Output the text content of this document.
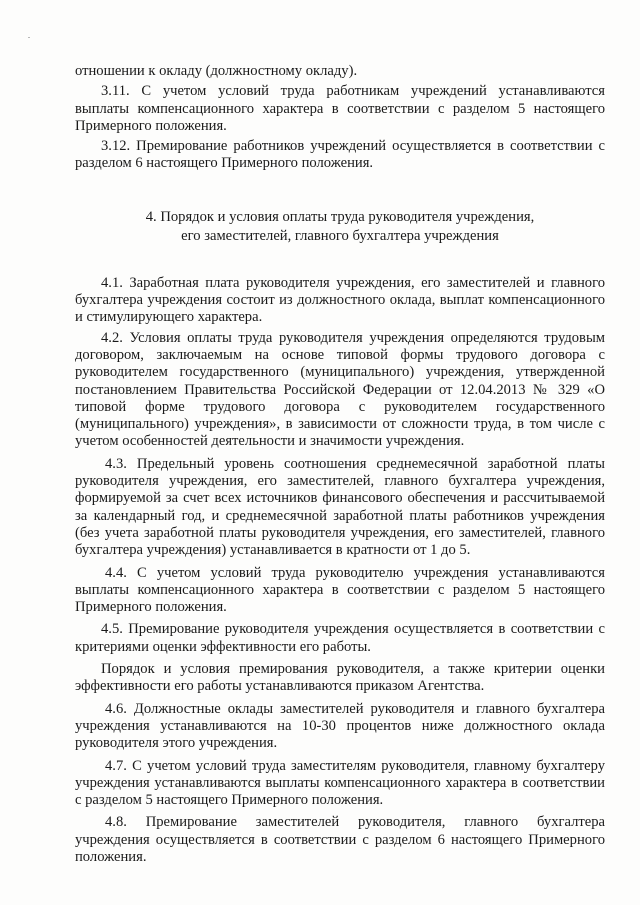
отношении к окладу (должностному окладу).

3.11. С учетом условий труда работникам учреждений устанавливаются выплаты компенсационного характера в соответствии с разделом 5 настоящего Примерного положения.

3.12. Премирование работников учреждений осуществляется в соответствии с разделом 6 настоящего Примерного положения.

4. Порядок и условия оплаты труда руководителя учреждения,
его заместителей, главного бухгалтера учреждения

4.1. Заработная плата руководителя учреждения, его заместителей и главного бухгалтера учреждения состоит из должностного оклада, выплат компенсационного и стимулирующего характера.

4.2. Условия оплаты труда руководителя учреждения определяются трудовым договором, заключаемым на основе типовой формы трудового договора с руководителем государственного (муниципального) учреждения, утвержденной постановлением Правительства Российской Федерации от 12.04.2013 № 329 «О типовой форме трудового договора с руководителем государственного (муниципального) учреждения», в зависимости от сложности труда, в том числе с учетом особенностей деятельности и значимости учреждения.

4.3. Предельный уровень соотношения среднемесячной заработной платы руководителя учреждения, его заместителей, главного бухгалтера учреждения, формируемой за счет всех источников финансового обеспечения и рассчитываемой за календарный год, и среднемесячной заработной платы работников учреждения (без учета заработной платы руководителя учреждения, его заместителей, главного бухгалтера учреждения) устанавливается в кратности от 1 до 5.

4.4. С учетом условий труда руководителю учреждения устанавливаются выплаты компенсационного характера в соответствии с разделом 5 настоящего Примерного положения.

4.5. Премирование руководителя учреждения осуществляется в соответствии с критериями оценки эффективности его работы.

Порядок и условия премирования руководителя, а также критерии оценки эффективности его работы устанавливаются приказом Агентства.

4.6. Должностные оклады заместителей руководителя и главного бухгалтера учреждения устанавливаются на 10-30 процентов ниже должностного оклада руководителя этого учреждения.

4.7. С учетом условий труда заместителям руководителя, главному бухгалтеру учреждения устанавливаются выплаты компенсационного характера в соответствии с разделом 5 настоящего Примерного положения.

4.8. Премирование заместителей руководителя, главного бухгалтера учреждения осуществляется в соответствии с разделом 6 настоящего Примерного положения.
